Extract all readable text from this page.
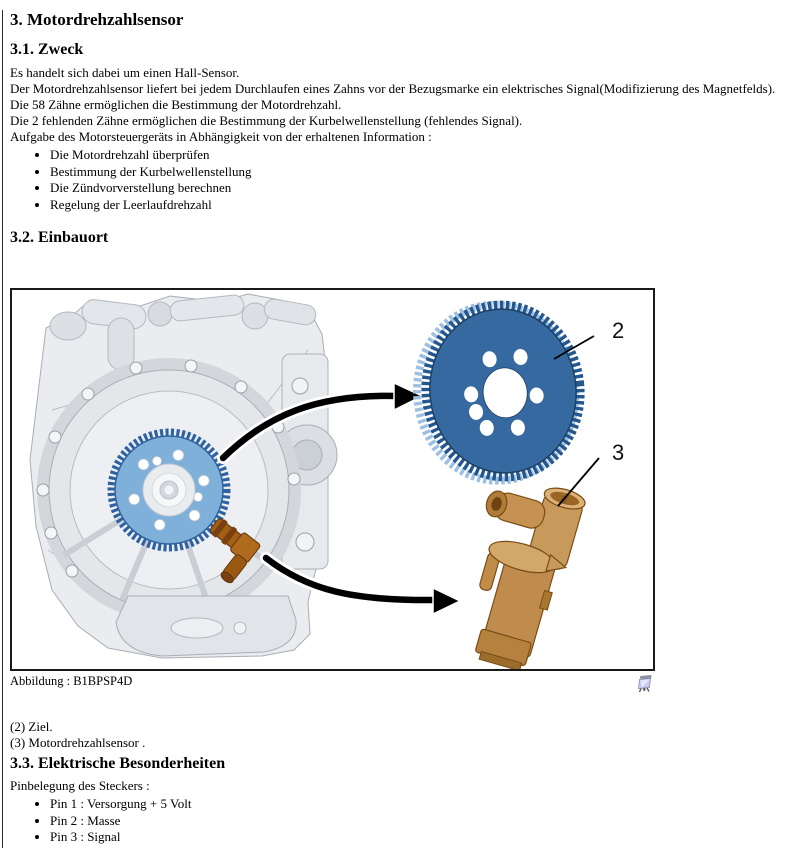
3. Motordrehzahlsensor
3.1. Zweck
Es handelt sich dabei um einen Hall-Sensor.
Der Motordrehzahlsensor liefert bei jedem Durchlaufen eines Zahns vor der Bezugsmarke ein elektrisches Signal(Modifizierung des Magnetfelds).
Die 58 Zähne ermöglichen die Bestimmung der Motordrehzahl.
Die 2 fehlenden Zähne ermöglichen die Bestimmung der Kurbelwellenstellung (fehlendes Signal).
Aufgabe des Motorsteuergeräts in Abhängigkeit von der erhaltenen Information :
• Die Motordrehzahl überprüfen
• Bestimmung der Kurbelwellenstellung
• Die Zündvorverstellung berechnen
• Regelung der Leerlaufdrehzahl
3.2. Einbauort
2
3
Abbildung : B1BPSP4D
(2) Ziel.
(3) Motordrehzahlsensor .
3.3. Elektrische Besonderheiten
Pinbelegung des Steckers :
• Pin 1 : Versorgung + 5 Volt
• Pin 2 : Masse
• Pin 3 : Signal
